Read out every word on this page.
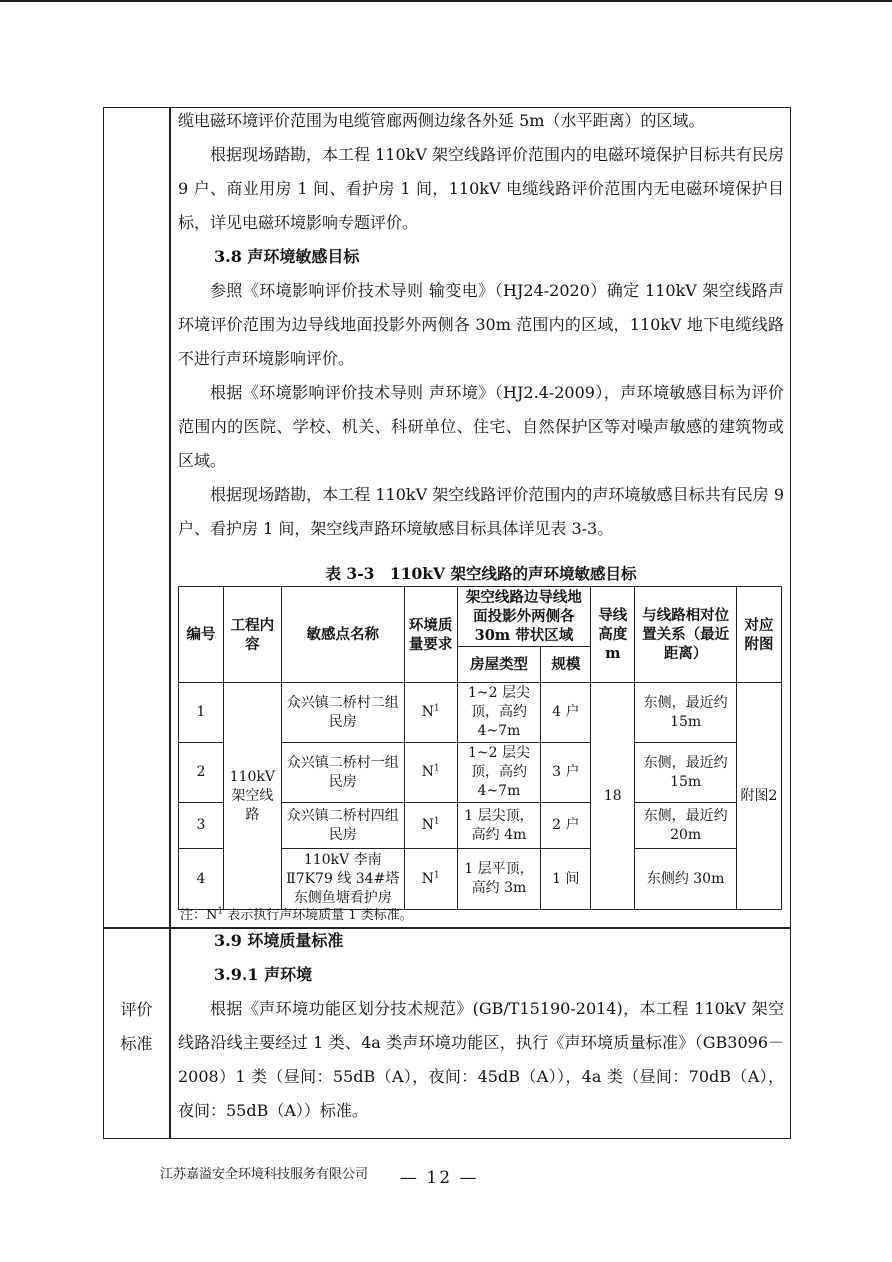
缆电磁环境评价范围为电缆管廊两侧边缘各外延 5m（水平距离）的区域。

根据现场踏勘，本工程 110kV 架空线路评价范围内的电磁环境保护目标共有民房 9 户、商业用房 1 间、看护房 1 间，110kV 电缆线路评价范围内无电磁环境保护目标，详见电磁环境影响专题评价。

3.8 声环境敏感目标

参照《环境影响评价技术导则 输变电》（HJ24-2020）确定 110kV 架空线路声环境评价范围为边导线地面投影外两侧各 30m 范围内的区域，110kV 地下电缆线路不进行声环境影响评价。

根据《环境影响评价技术导则 声环境》（HJ2.4-2009），声环境敏感目标为评价范围内的医院、学校、机关、科研单位、住宅、自然保护区等对噪声敏感的建筑物或区域。

根据现场踏勘，本工程 110kV 架空线路评价范围内的声环境敏感目标共有民房 9 户、看护房 1 间，架空线声路环境敏感目标具体详见表 3-3。

表 3-3　110kV 架空线路的声环境敏感目标
编号	工程内容	敏感点名称	环境质量要求	架空线路边导线地面投影外两侧各 30m 带状区域		导线高度m	与线路相对位置关系（最近距离）	对应附图
				房屋类型	规模			
1	110kV架空线路	众兴镇二桥村二组民房	$N^1$	1~2 层尖顶，高约 4~7m	4 户	18	东侧，最近约 15m	附图2
2		众兴镇二桥村一组民房	$N^1$	1~2 层尖顶，高约 4~7m	3 户		东侧，最近约 15m	
3		众兴镇二桥村四组民房	$N^1$	1 层尖顶，高约 4m	2 户		东侧，最近约 20m	
4		110kV 李南Ⅱ7K79 线 34#塔东侧鱼塘看护房	$N^1$	1 层平顶，高约 3m	1 间		东侧约 30m	
注：$N^1$ 表示执行声环境质量 1 类标准。
评价
标准
3.9 环境质量标准
3.9.1 声环境

根据《声环境功能区划分技术规范》(GB/T15190-2014)，本工程 110kV 架空线路沿线主要经过 1 类、4a 类声环境功能区，执行《声环境质量标准》（GB3096－2008）1 类（昼间：55dB（A），夜间：45dB（A）），4a 类（昼间：70dB（A），夜间：55dB（A））标准。

江苏嘉溢安全环境科技服务有限公司 — 12 —
